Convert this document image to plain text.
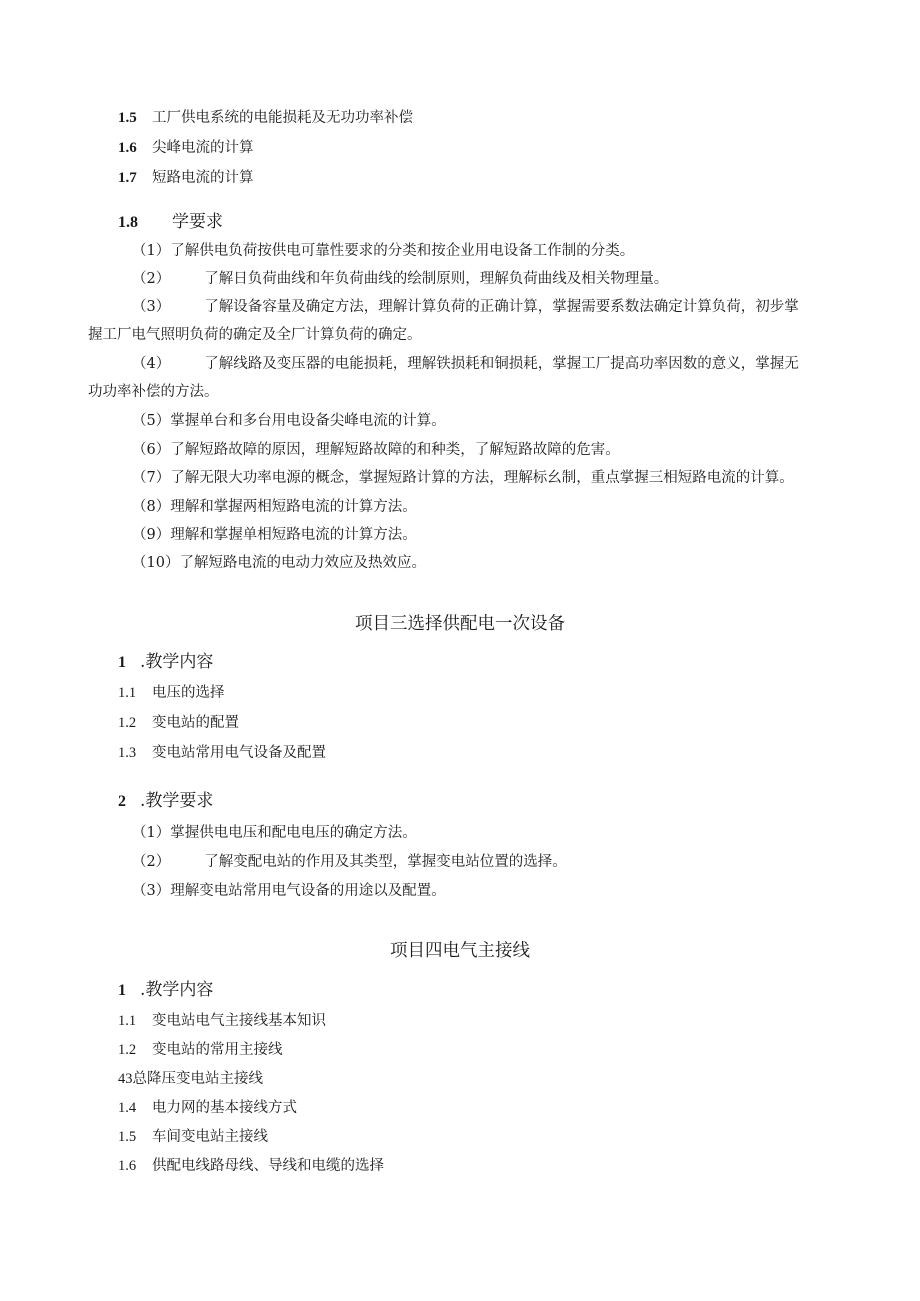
1.5 工厂供电系统的电能损耗及无功功率补偿
1.6 尖峰电流的计算
1.7 短路电流的计算
1.8 学要求
（1）了解供电负荷按供电可靠性要求的分类和按企业用电设备工作制的分类。
（2） 了解日负荷曲线和年负荷曲线的绘制原则，理解负荷曲线及相关物理量。
（3） 了解设备容量及确定方法，理解计算负荷的正确计算，掌握需要系数法确定计算负荷，初步掌
握工厂电气照明负荷的确定及全厂计算负荷的确定。
（4） 了解线路及变压器的电能损耗，理解铁损耗和铜损耗，掌握工厂提高功率因数的意义，掌握无
功功率补偿的方法。
（5）掌握单台和多台用电设备尖峰电流的计算。
（6）了解短路故障的原因，理解短路故障的和种类，了解短路故障的危害。
（7）了解无限大功率电源的概念，掌握短路计算的方法，理解标幺制，重点掌握三相短路电流的计算。
（8）理解和掌握两相短路电流的计算方法。
（9）理解和掌握单相短路电流的计算方法。
（10）了解短路电流的电动力效应及热效应。
项目三选择供配电一次设备
1 .教学内容
1.1 电压的选择
1.2 变电站的配置
1.3 变电站常用电气设备及配置
2 .教学要求
（1）掌握供电电压和配电电压的确定方法。
（2） 了解变配电站的作用及其类型，掌握变电站位置的选择。
（3）理解变电站常用电气设备的用途以及配置。
项目四电气主接线
1 .教学内容
1.1 变电站电气主接线基本知识
1.2 变电站的常用主接线
43总降压变电站主接线
1.4 电力网的基本接线方式
1.5 车间变电站主接线
1.6 供配电线路母线、导线和电缆的选择
